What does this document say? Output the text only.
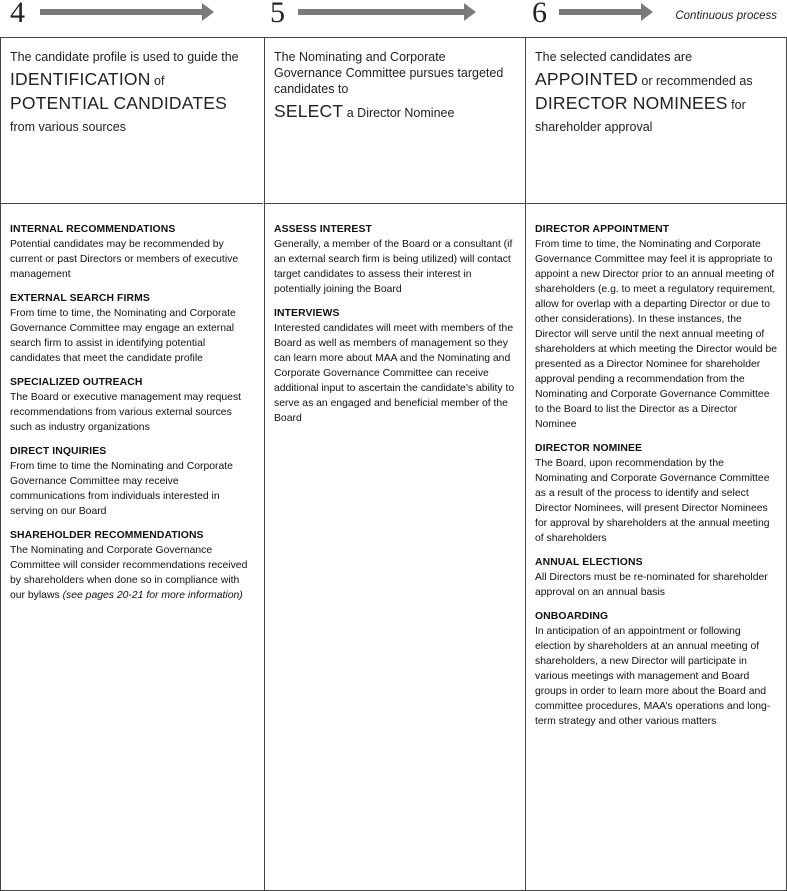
4	5	6	Continuous process

The candidate profile is used to guide the
IDENTIFICATION of
POTENTIAL CANDIDATES from various sources

INTERNAL RECOMMENDATIONS

Potential candidates may be recommended by current or past Directors or members of executive management

EXTERNAL SEARCH FIRMS

From time to time, the Nominating and Corporate Governance Committee may engage an external search firm to assist in identifying potential candidates that meet the candidate profile

SPECIALIZED OUTREACH

The Board or executive management may request recommendations from various external sources such as industry organizations

DIRECT INQUIRIES

From time to time the Nominating and Corporate Governance Committee may receive communications from individuals interested in serving on our Board

SHAREHOLDER RECOMMENDATIONS

The Nominating and Corporate Governance Committee will consider recommendations received by shareholders when done so in compliance with our bylaws (see pages 20-21 for more information)

The Nominating and Corporate Governance Committee pursues targeted candidates to
SELECT a Director Nominee

ASSESS INTEREST

Generally, a member of the Board or a consultant (if an external search firm is being utilized) will contact target candidates to assess their interest in potentially joining the Board

INTERVIEWS

Interested candidates will meet with members of the Board as well as members of management so they can learn more about MAA and the Nominating and Corporate Governance Committee can receive additional input to ascertain the candidate’s ability to serve as an engaged and beneficial member of the Board

The selected candidates are
APPOINTED or recommended as
DIRECTOR NOMINEES for shareholder approval

DIRECTOR APPOINTMENT

From time to time, the Nominating and Corporate Governance Committee may feel it is appropriate to appoint a new Director prior to an annual meeting of shareholders (e.g. to meet a regulatory requirement, allow for overlap with a departing Director or due to other considerations). In these instances, the Director will serve until the next annual meeting of shareholders at which meeting the Director would be presented as a Director Nominee for shareholder approval pending a recommendation from the Nominating and Corporate Governance Committee to the Board to list the Director as a Director Nominee

DIRECTOR NOMINEE

The Board, upon recommendation by the Nominating and Corporate Governance Committee as a result of the process to identify and select Director Nominees, will present Director Nominees for approval by shareholders at the annual meeting of shareholders

ANNUAL ELECTIONS

All Directors must be re-nominated for shareholder approval on an annual basis

ONBOARDING

In anticipation of an appointment or following election by shareholders at an annual meeting of shareholders, a new Director will participate in various meetings with management and Board groups in order to learn more about the Board and committee procedures, MAA’s operations and long-term strategy and other various matters
